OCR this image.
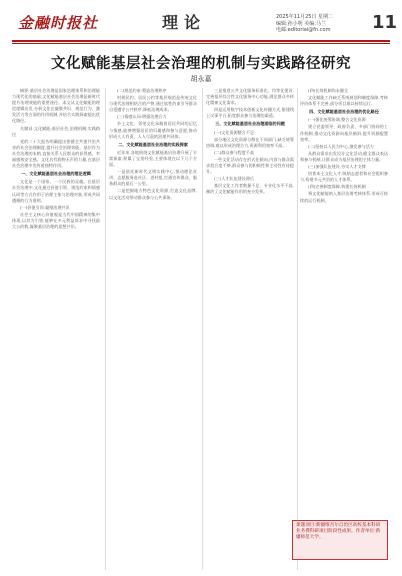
金融时报社	理论	2025年11月25日 星期二
编辑:孙小明 美编:马兰
电邮:editorial@fn.com 11
文化赋能基层社会治理的机制与实践路径研究
胡永嘉

摘要:基层社会治理是国家治理体系和治理能力现代化的基础,文化赋能基层社会治理是新时代提升治理效能的重要途径。本文从文化赋能的理论逻辑出发,分析文化在凝聚共识、规范行为、激发活力等方面的作用机制,并结合实践探索提出优化路径。

关键词:文化赋能;基层社会;治理机制;实践路径

党的二十大报告明确提出要健全共建共治共享的社会治理制度,提升社会治理效能。基层作为社会治理的末梢,直接关系人民群众的获得感、幸福感和安全感。文化具有润物无声的力量,在基层社会治理中发挥着独特作用。

一、文化赋能基层社会治理的理论逻辑

文化是一个国家、一个民族的灵魂。在基层社会治理中,文化通过价值引领、规范约束和情感认同等方式作用于治理主体与治理对象,形成共同遵循的行为准则。

(一)价值引领:凝聚治理共识

社会主义核心价值观是当代中国精神的集中体现,以其为引领,能够在多元利益诉求中寻找最大公约数,凝聚基层治理的思想共识。

(二)规范约束:塑造治理秩序

村规民约、居民公约等基层规范是传统文化与现代治理相结合的产物,通过软性约束引导群众自觉遵守公共秩序,降低治理成本。

(三)情感认同:增强治理合力

乡土文化、邻里文化承载着居民共同的记忆与情感,能够增强居民的归属感和参与意愿,推动形成人人有责、人人尽责的治理共同体。

二、文化赋能基层社会治理的实践探索

近年来,各地围绕文化赋能基层治理开展了丰富探索,积累了宝贵经验,主要体现在以下几个方面。

一是依托新时代文明实践中心,推动理论宣讲、志愿服务进社区、进村组,打通宣传群众、服务群众的最后一公里。

二是挖掘地方特色文化资源,打造文化品牌,以文化活动带动群众参与公共事务。

三是推进公共文化服务标准化、均等化建设,完善基层综合性文化服务中心功能,满足群众多样化精神文化需求。

四是运用数字技术创新文化传播方式,搭建线上议事平台,拓宽群众参与治理的渠道。

三、文化赋能基层社会治理面临的问题

(一)文化资源整合不足

部分地区文化资源分散在不同部门,缺乏统筹协调,难以形成治理合力,资源利用效率不高。

(二)群众参与程度不高

一些文化活动存在形式化倾向,内容与群众需求契合度不够,群众参与的积极性和主动性有待提升。

(三)人才队伍建设滞后

基层文化工作者数量不足、专业化水平不高,制约了文化赋能作用的充分发挥。

(四)长效机制尚未健全

文化赋能工作缺乏系统规划和制度保障,考核评价体系不完善,部分项目难以持续运行。

四、文化赋能基层社会治理的优化路径

(一)强化统筹协调,整合文化资源

建立党委领导、政府负责、多部门协同的工作机制,推动文化资源向基层倾斜,提升资源配置效率。

(二)坚持以人民为中心,激发参与活力

从群众需求出发设计文化活动,健全群众表达和参与机制,让群众成为基层治理的主体力量。

(三)加强队伍建设,夯实人才支撑

培育本土文化人才,吸纳志愿者和社会组织参与,构建多元共治的人才体系。

(四)完善制度保障,构建长效机制

将文化赋能纳入基层治理考核体系,形成可持续的运行机制。

课题项目:新疆维吾尔自治区高校基本科研业务费科研项目阶段性成果。作者单位:新疆师范大学。
